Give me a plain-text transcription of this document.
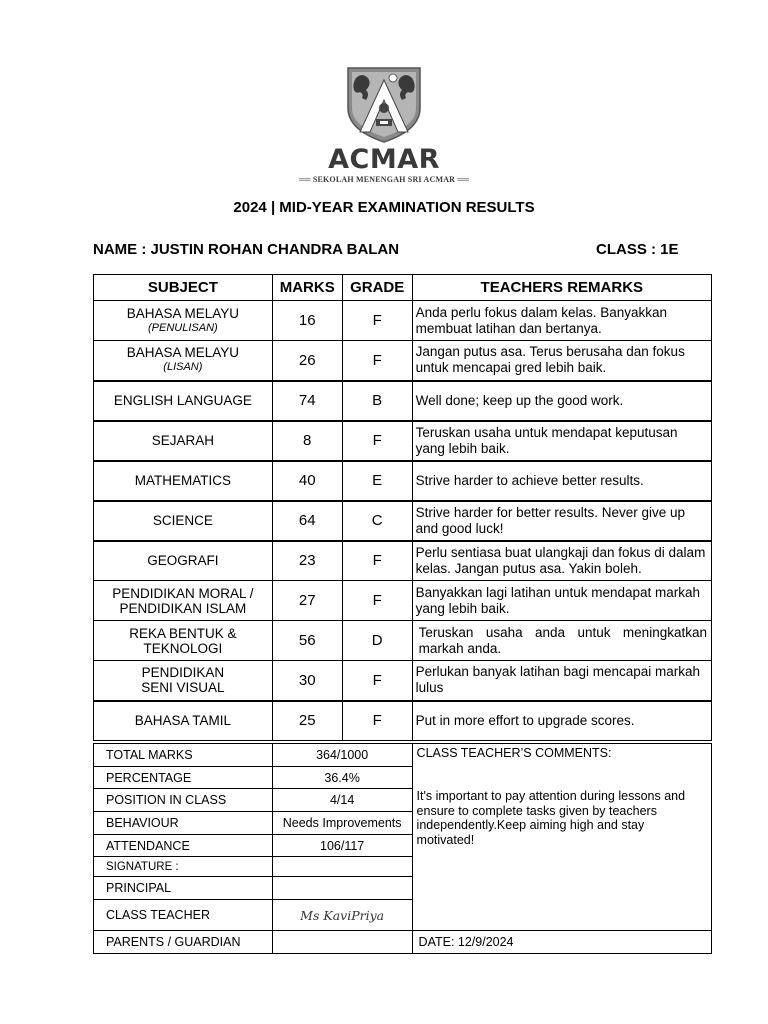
ACMAR
══ SEKOLAH MENENGAH SRI ACMAR ══
2024 | MID-YEAR EXAMINATION RESULTS
NAME : JUSTIN ROHAN CHANDRA BALAN	CLASS : 1E
SUBJECT	MARKS	GRADE	TEACHERS REMARKS
BAHASA MELAYU
(PENULISAN)	16	F	Anda perlu fokus dalam kelas. Banyakkan membuat latihan dan bertanya.
BAHASA MELAYU
(LISAN)	26	F	Jangan putus asa. Terus berusaha dan fokus untuk mencapai gred lebih baik.
ENGLISH LANGUAGE	74	B	Well done; keep up the good work.
SEJARAH	8	F	Teruskan usaha untuk mendapat keputusan yang lebih baik.
MATHEMATICS	40	E	Strive harder to achieve better results.
SCIENCE	64	C	Strive harder for better results. Never give up and good luck!
GEOGRAFI	23	F	Perlu sentiasa buat ulangkaji dan fokus di dalam kelas. Jangan putus asa. Yakin boleh.
PENDIDIKAN MORAL /
PENDIDIKAN ISLAM	27	F	Banyakkan lagi latihan untuk mendapat markah yang lebih baik.
REKA BENTUK &
TEKNOLOGI	56	D	Teruskan usaha anda untuk meningkatkan
markah anda.

PENDIDIKAN
SENI VISUAL	30	F	Perlukan banyak latihan bagi mencapai markah lulus
BAHASA TAMIL	25	F	Put in more effort to upgrade scores.
TOTAL MARKS	364/1000	CLASS TEACHER’S COMMENTS:
It's important to pay attention during lessons and ensure to complete tasks given by teachers independently.Keep aiming high and stay motivated!

PERCENTAGE	36.4%	
POSITION IN CLASS	4/14	
BEHAVIOUR	Needs Improvements	
ATTENDANCE	106/117	
SIGNATURE :		
PRINCIPAL		
CLASS TEACHER	Ms KaviPriya	
PARENTS / GUARDIAN		DATE: 12/9/2024
